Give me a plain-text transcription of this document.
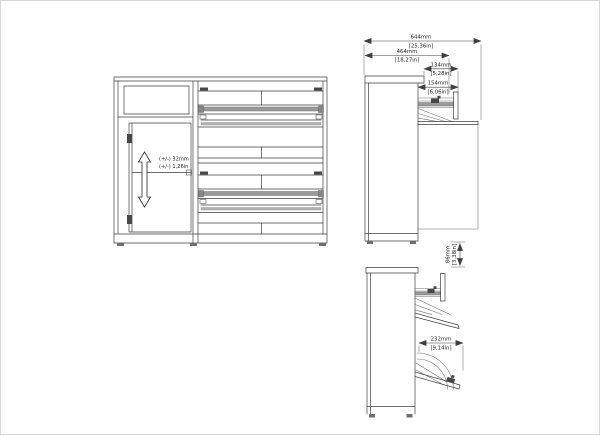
(+/-) 32mm
(+/-) 1,26in
644mm
[25,36in]
464mm
[18,27in]
134mm
[5,28in]
154mm
[6,06in]
86mm [3,38in]
232mm
[9,14in]
